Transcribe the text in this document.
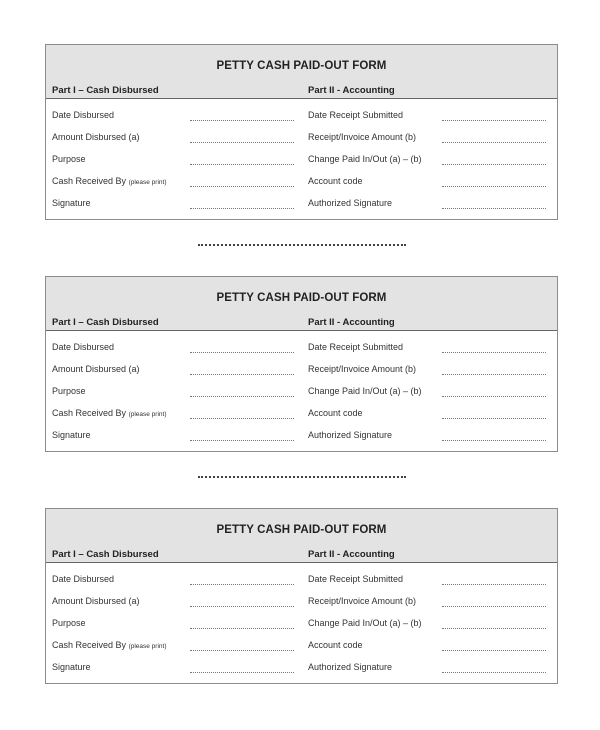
PETTY CASH PAID-OUT FORM
Part I – Cash Disbursed	Part II - Accounting
Date Disbursed	Date Receipt Submitted
Amount Disbursed (a)	Receipt/Invoice Amount (b)
Purpose	Change Paid In/Out (a) – (b)
Cash Received By (please print)	Account code
Signature	Authorized Signature
PETTY CASH PAID-OUT FORM
Part I – Cash Disbursed	Part II - Accounting
Date Disbursed	Date Receipt Submitted
Amount Disbursed (a)	Receipt/Invoice Amount (b)
Purpose	Change Paid In/Out (a) – (b)
Cash Received By (please print)	Account code
Signature	Authorized Signature
PETTY CASH PAID-OUT FORM
Part I – Cash Disbursed	Part II - Accounting
Date Disbursed	Date Receipt Submitted
Amount Disbursed (a)	Receipt/Invoice Amount (b)
Purpose	Change Paid In/Out (a) – (b)
Cash Received By (please print)	Account code
Signature	Authorized Signature
